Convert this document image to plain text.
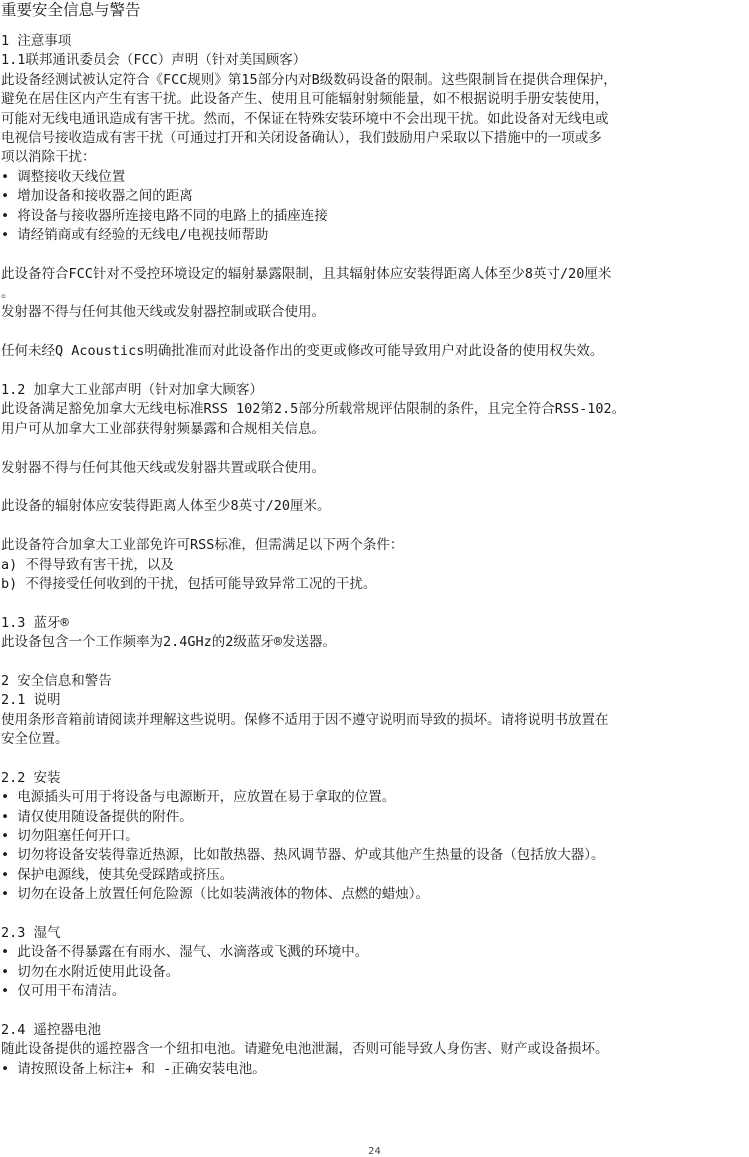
重要安全信息与警告
1 注意事项
1.1联邦通讯委员会（FCC）声明（针对美国顾客）
此设备经测试被认定符合《FCC规则》第15部分内对B级数码设备的限制。这些限制旨在提供合理保护，
避免在居住区内产生有害干扰。此设备产生、使用且可能辐射射频能量，如不根据说明手册安装使用，
可能对无线电通讯造成有害干扰。然而，不保证在特殊安装环境中不会出现干扰。如此设备对无线电或
电视信号接收造成有害干扰（可通过打开和关闭设备确认），我们鼓励用户采取以下措施中的一项或多
项以消除干扰：
• 调整接收天线位置
• 增加设备和接收器之间的距离
• 将设备与接收器所连接电路不同的电路上的插座连接
• 请经销商或有经验的无线电/电视技师帮助
此设备符合FCC针对不受控环境设定的辐射暴露限制，且其辐射体应安装得距离人体至少8英寸/20厘米
。
发射器不得与任何其他天线或发射器控制或联合使用。
任何未经Q Acoustics明确批准而对此设备作出的变更或修改可能导致用户对此设备的使用权失效。
1.2 加拿大工业部声明（针对加拿大顾客）
此设备满足豁免加拿大无线电标准RSS 102第2.5部分所载常规评估限制的条件，且完全符合RSS-102。
用户可从加拿大工业部获得射频暴露和合规相关信息。
发射器不得与任何其他天线或发射器共置或联合使用。
此设备的辐射体应安装得距离人体至少8英寸/20厘米。
此设备符合加拿大工业部免许可RSS标准，但需满足以下两个条件：
a) 不得导致有害干扰，以及
b) 不得接受任何收到的干扰，包括可能导致异常工况的干扰。
1.3 蓝牙®
此设备包含一个工作频率为2.4GHz的2级蓝牙®发送器。
2 安全信息和警告
2.1 说明
使用条形音箱前请阅读并理解这些说明。保修不适用于因不遵守说明而导致的损坏。请将说明书放置在
安全位置。
2.2 安装
• 电源插头可用于将设备与电源断开，应放置在易于拿取的位置。
• 请仅使用随设备提供的附件。
• 切勿阻塞任何开口。
• 切勿将设备安装得靠近热源，比如散热器、热风调节器、炉或其他产生热量的设备（包括放大器）。
• 保护电源线，使其免受踩踏或挤压。
• 切勿在设备上放置任何危险源（比如装满液体的物体、点燃的蜡烛）。
2.3 湿气
• 此设备不得暴露在有雨水、湿气、水滴落或飞溅的环境中。
• 切勿在水附近使用此设备。
• 仅可用干布清洁。
2.4 遥控器电池
随此设备提供的遥控器含一个纽扣电池。请避免电池泄漏，否则可能导致人身伤害、财产或设备损坏。
• 请按照设备上标注+ 和 -正确安装电池。
24
